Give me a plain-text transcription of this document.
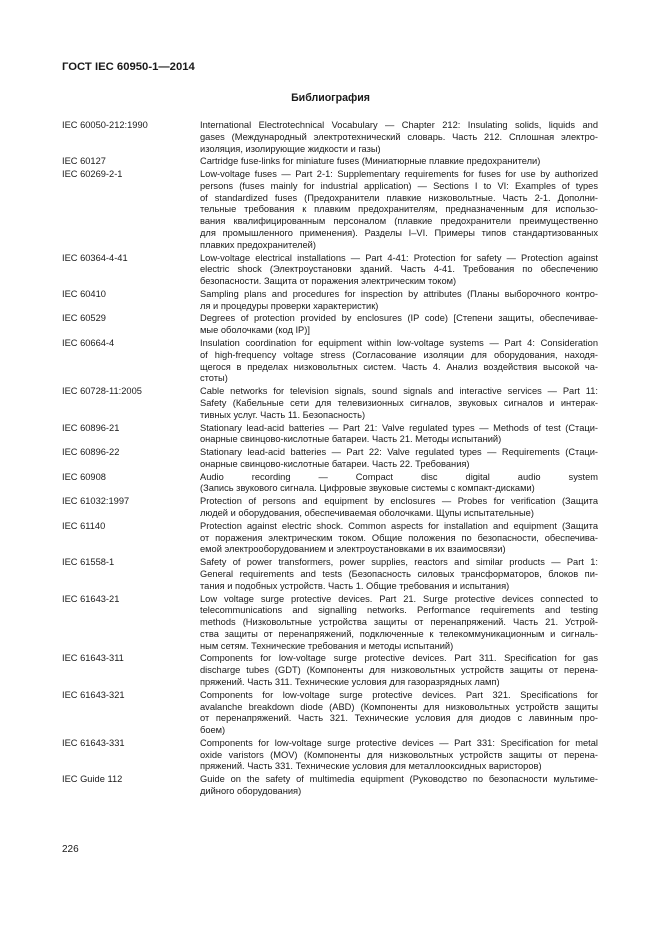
ГОСТ IEC 60950-1—2014
Библиография
IEC 60050-212:1990	International Electrotechnical Vocabulary — Chapter 212: Insulating solids, liquids and
gases (Международный электротехнический словарь. Часть 212. Сплошная электро-
изоляция, изолирующие жидкости и газы)
IEC 60127	Cartridge fuse-links for miniature fuses (Миниатюрные плавкие предохранители)
IEC 60269-2-1	Low-voltage fuses — Part 2-1: Supplementary requirements for fuses for use by authorized
persons (fuses mainly for industrial application) — Sections I to VI: Examples of types
of standardized fuses (Предохранители плавкие низковольтные. Часть 2-1. Дополни-
тельные требования к плавким предохранителям, предназначенным для использо-
вания квалифицированным персоналом (плавкие предохранители преимущественно
для промышленного применения). Разделы I–VI. Примеры типов стандартизованных
плавких предохранителей)
IEC 60364-4-41	Low-voltage electrical installations — Part 4-41: Protection for safety — Protection against
electric shock (Электроустановки зданий. Часть 4-41. Требования по обеспечению
безопасности. Защита от поражения электрическим током)
IEC 60410	Sampling plans and procedures for inspection by attributes (Планы выборочного контро-
ля и процедуры проверки характеристик)
IEC 60529	Degrees of protection provided by enclosures (IP code) [Степени защиты, обеспечивае-
мые оболочками (код IP)]
IEC 60664-4	Insulation coordination for equipment within low-voltage systems — Part 4: Consideration
of high-frequency voltage stress (Согласование изоляции для оборудования, находя-
щегося в пределах низковольтных систем. Часть 4. Анализ воздействия высокой ча-
стоты)
IEC 60728-11:2005	Cable networks for television signals, sound signals and interactive services — Part 11:
Safety (Кабельные сети для телевизионных сигналов, звуковых сигналов и интерак-
тивных услуг. Часть 11. Безопасность)
IEC 60896-21	Stationary lead-acid batteries — Part 21: Valve regulated types — Methods of test (Стаци-
онарные свинцово-кислотные батареи. Часть 21. Методы испытаний)
IEC 60896-22	Stationary lead-acid batteries — Part 22: Valve regulated types — Requirements (Стаци-
онарные свинцово-кислотные батареи. Часть 22. Требования)
IEC 60908	Audio recording — Compact disc digital audio system
(Запись звукового сигнала. Цифровые звуковые системы с компакт-дисками)
IEC 61032:1997	Protection of persons and equipment by enclosures — Probes for verification (Защита
людей и оборудования, обеспечиваемая оболочками. Щупы испытательные)
IEC 61140	Protection against electric shock. Common aspects for installation and equipment (Защита
от поражения электрическим током. Общие положения по безопасности, обеспечива-
емой электрооборудованием и электроустановками в их взаимосвязи)
IEC 61558-1	Safety of power transformers, power supplies, reactors and similar products — Part 1:
General requirements and tests (Безопасность силовых трансформаторов, блоков пи-
тания и подобных устройств. Часть 1. Общие требования и испытания)
IEC 61643-21	Low voltage surge protective devices. Part 21. Surge protective devices connected to
telecommunications and signalling networks. Performance requirements and testing
methods (Низковольтные устройства защиты от перенапряжений. Часть 21. Устрой-
ства защиты от перенапряжений, подключенные к телекоммуникационным и сигналь-
ным сетям. Технические требования и методы испытаний)
IEC 61643-311	Components for low-voltage surge protective devices. Part 311. Specification for gas
discharge tubes (GDT) (Компоненты для низковольтных устройств защиты от перена-
пряжений. Часть 311. Технические условия для газоразрядных ламп)
IEC 61643-321	Components for low-voltage surge protective devices. Part 321. Specifications for
avalanche breakdown diode (ABD) (Компоненты для низковольтных устройств защиты
от перенапряжений. Часть 321. Технические условия для диодов с лавинным про-
боем)
IEC 61643-331	Components for low-voltage surge protective devices — Part 331: Specification for metal
oxide varistors (MOV) (Компоненты для низковольтных устройств защиты от перена-
пряжений. Часть 331. Технические условия для металлооксидных варисторов)
IEC Guide 112	Guide on the safety of multimedia equipment (Руководство по безопасности мультиме-
дийного оборудования)
226
